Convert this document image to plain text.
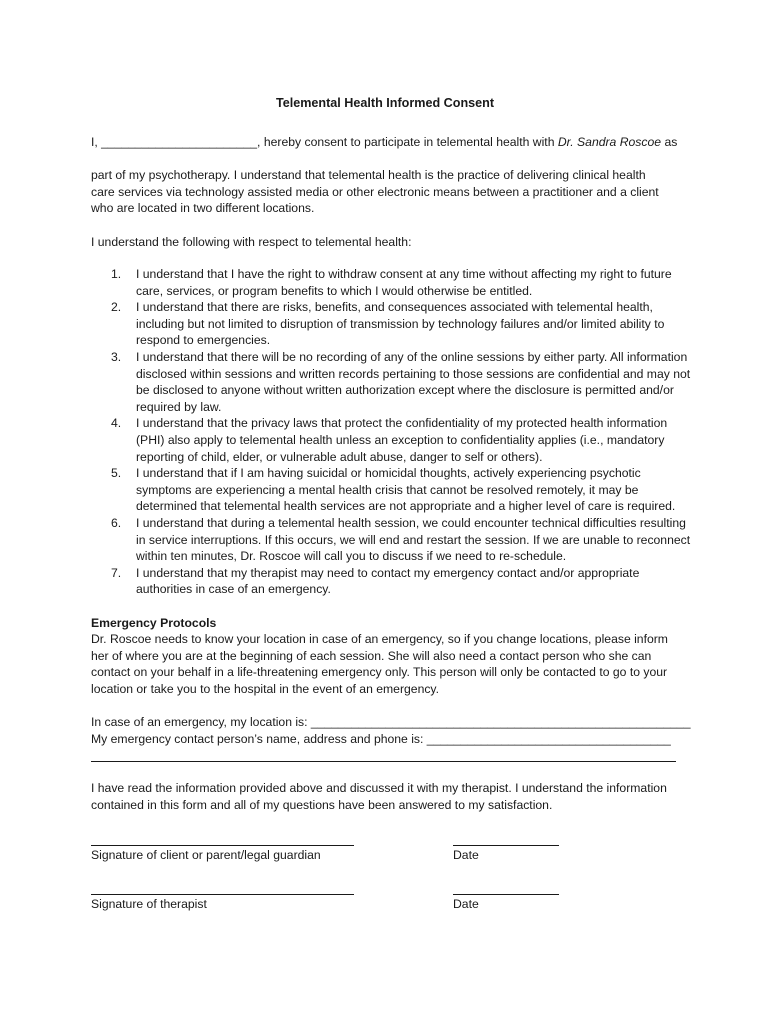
Telemental Health Informed Consent
I, _______________________, hereby consent to participate in telemental health with Dr. Sandra Roscoe as
part of my psychotherapy. I understand that telemental health is the practice of delivering clinical health care services via technology assisted media or other electronic means between a practitioner and a client who are located in two different locations.
I understand the following with respect to telemental health:
1. I understand that I have the right to withdraw consent at any time without affecting my right to future care, services, or program benefits to which I would otherwise be entitled.
2. I understand that there are risks, benefits, and consequences associated with telemental health, including but not limited to disruption of transmission by technology failures and/or limited ability to respond to emergencies.
3. I understand that there will be no recording of any of the online sessions by either party. All information disclosed within sessions and written records pertaining to those sessions are confidential and may not be disclosed to anyone without written authorization except where the disclosure is permitted and/or required by law.
4. I understand that the privacy laws that protect the confidentiality of my protected health information (PHI) also apply to telemental health unless an exception to confidentiality applies (i.e., mandatory reporting of child, elder, or vulnerable adult abuse, danger to self or others).
5. I understand that if I am having suicidal or homicidal thoughts, actively experiencing psychotic symptoms are experiencing a mental health crisis that cannot be resolved remotely, it may be determined that telemental health services are not appropriate and a higher level of care is required.
6. I understand that during a telemental health session, we could encounter technical difficulties resulting in service interruptions. If this occurs, we will end and restart the session. If we are unable to reconnect within ten minutes, Dr. Roscoe will call you to discuss if we need to re-schedule.
7. I understand that my therapist may need to contact my emergency contact and/or appropriate authorities in case of an emergency.
Emergency Protocols
Dr. Roscoe needs to know your location in case of an emergency, so if you change locations, please inform her of where you are at the beginning of each session. She will also need a contact person who she can contact on your behalf in a life-threatening emergency only. This person will only be contacted to go to your location or take you to the hospital in the event of an emergency.
In case of an emergency, my location is: ________________________________________________________
My emergency contact person’s name, address and phone is: ____________________________________
I have read the information provided above and discussed it with my therapist. I understand the information contained in this form and all of my questions have been answered to my satisfaction.
Signature of client or parent/legal guardian	Date
Signature of therapist	Date
